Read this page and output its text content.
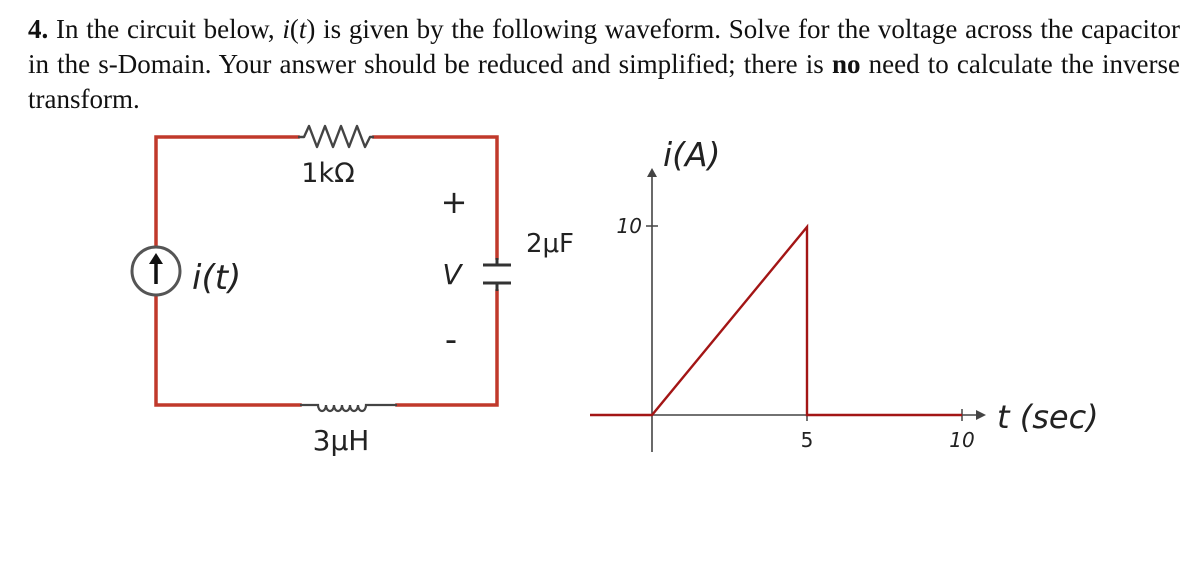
4. In the circuit below, i(t) is given by the following waveform. Solve for the voltage across the capacitor in the s-Domain. Your answer should be reduced and simplified; there is no need to calculate the inverse transform.
1kΩ
3μH
2μF
+
V
-
i(t)
i(A)
t (sec)
5	10
10
